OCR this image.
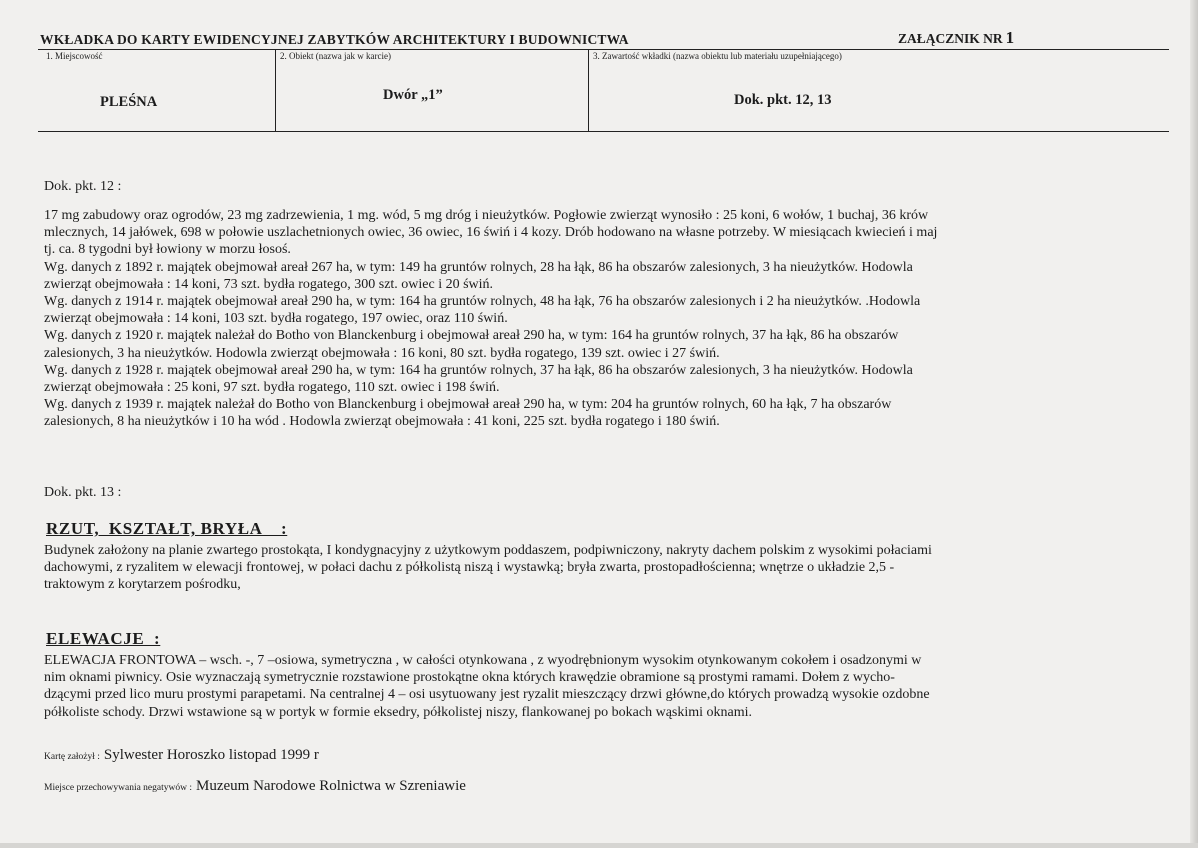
WKŁADKA DO KARTY EWIDENCYJNEJ ZABYTKÓW ARCHITEKTURY I BUDOWNICTWA	ZAŁĄCZNIK NR 1
1. Miejscowość	2. Obiekt (nazwa jak w karcie)	3. Zawartość wkładki (nazwa obiektu lub materiału uzupełniającego)
PLEŚNA	Dwór „1”	Dok. pkt. 12, 13
Dok. pkt. 12 :

17 mg zabudowy oraz ogrodów, 23 mg zadrzewienia, 1 mg. wód, 5 mg dróg i nieużytków. Pogłowie zwierząt wynosiło : 25 koni, 6 wołów, 1 buchaj, 36 krów

mlecznych, 14 jałówek, 698 w połowie uszlachetnionych owiec, 36 owiec, 16 świń i 4 kozy. Drób hodowano na własne potrzeby. W miesiącach kwiecień i maj

tj. ca. 8 tygodni był łowiony w morzu łosoś.

Wg. danych z 1892 r. majątek obejmował areał 267 ha, w tym: 149 ha gruntów rolnych, 28 ha łąk, 86 ha obszarów zalesionych, 3 ha nieużytków. Hodowla

zwierząt obejmowała : 14 koni, 73 szt. bydła rogatego, 300 szt. owiec i 20 świń.

Wg. danych z 1914 r. majątek obejmował areał 290 ha, w tym: 164 ha gruntów rolnych, 48 ha łąk, 76 ha obszarów zalesionych i 2 ha nieużytków. .Hodowla

zwierząt obejmowała : 14 koni, 103 szt. bydła rogatego, 197 owiec, oraz 110 świń.

Wg. danych z 1920 r. majątek należał do Botho von Blanckenburg i obejmował areał 290 ha, w tym: 164 ha gruntów rolnych, 37 ha łąk, 86 ha obszarów

zalesionych, 3 ha nieużytków. Hodowla zwierząt obejmowała : 16 koni, 80 szt. bydła rogatego, 139 szt. owiec i 27 świń.

Wg. danych z 1928 r. majątek obejmował areał 290 ha, w tym: 164 ha gruntów rolnych, 37 ha łąk, 86 ha obszarów zalesionych, 3 ha nieużytków. Hodowla

zwierząt obejmowała : 25 koni, 97 szt. bydła rogatego, 110 szt. owiec i 198 świń.

Wg. danych z 1939 r. majątek należał do Botho von Blanckenburg i obejmował areał 290 ha, w tym: 204 ha gruntów rolnych, 60 ha łąk, 7 ha obszarów

zalesionych, 8 ha nieużytków i 10 ha wód . Hodowla zwierząt obejmowała : 41 koni, 225 szt. bydła rogatego i 180 świń.

Dok. pkt. 13 :
RZUT,  KSZTAŁT, BRYŁA    :

Budynek założony na planie zwartego prostokąta, I kondygnacyjny z użytkowym poddaszem, podpiwniczony, nakryty dachem polskim z wysokimi połaciami

dachowymi, z ryzalitem w elewacji frontowej, w połaci dachu z półkolistą niszą i wystawką; bryła zwarta, prostopadłościenna; wnętrze o układzie 2,5 -

traktowym z korytarzem pośrodku,

ELEWACJE  :

ELEWACJA FRONTOWA – wsch. -, 7 –osiowa, symetryczna , w całości otynkowana , z wyodrębnionym wysokim otynkowanym cokołem i osadzonymi w

nim oknami piwnicy. Osie wyznaczają symetrycznie rozstawione prostokątne okna których krawędzie obramione są prostymi ramami. Dołem z wycho-

dzącymi przed lico muru prostymi parapetami. Na centralnej 4 – osi usytuowany jest ryzalit mieszczący drzwi główne,do których prowadzą wysokie ozdobne

półkoliste schody. Drzwi wstawione są w portyk w formie eksedry, półkolistej niszy, flankowanej po bokach wąskimi oknami.

Kartę założył : Sylwester Horoszko listopad 1999 r
Miejsce przechowywania negatywów : Muzeum Narodowe Rolnictwa w Szreniawie
